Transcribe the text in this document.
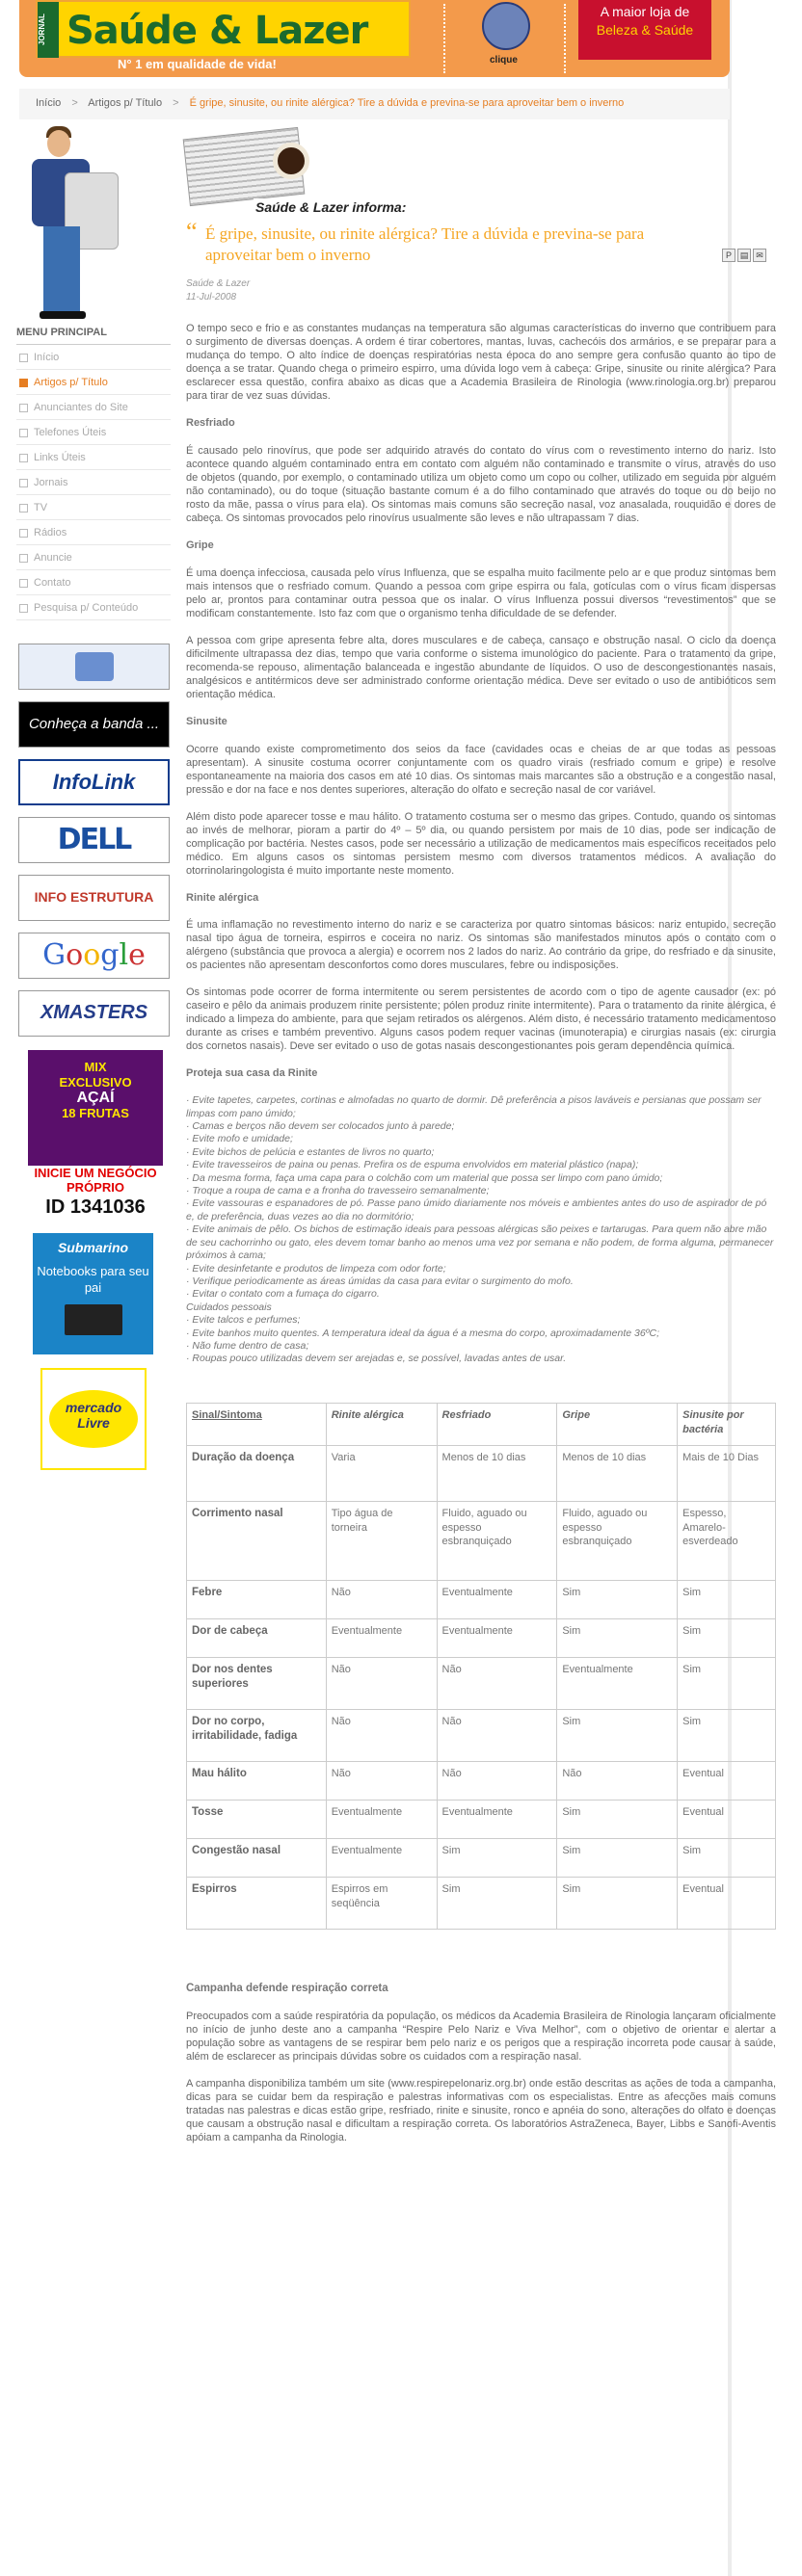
JORNAL Saúde & Lazer
N° 1 em qualidade de vida!	clique
A maior loja de
Beleza & Saúde
Início > Artigos p/ Título > É gripe, sinusite, ou rinite alérgica? Tire a dúvida e previna-se para aproveitar bem o inverno
MENU PRINCIPAL
Início
Artigos p/ Título
Anunciantes do Site
Telefones Úteis
Links Úteis
Jornais
TV
Rádios
Anuncie
Contato
Pesquisa p/ Conteúdo
Conheça a banda ...
InfoLink
DELL
INFO ESTRUTURA
G o o g l e
XMASTERS
MIX
EXCLUSIVO
AÇAÍ
18 FRUTAS
INICIE UM NEGÓCIO PRÓPRIO
ID 1341036
Submarino
Notebooks para seu pai
mercado
Livre
Saúde & Lazer informa:
P ▤ ✉
“ É gripe, sinusite, ou rinite alérgica? Tire a dúvida e previna-se para aproveitar bem o inverno
Saúde & Lazer
11-Jul-2008

O tempo seco e frio e as constantes mudanças na temperatura são algumas características do inverno que contribuem para o surgimento de diversas doenças. A ordem é tirar cobertores, mantas, luvas, cachecóis dos armários, e se preparar para a mudança do tempo. O alto índice de doenças respiratórias nesta época do ano sempre gera confusão quanto ao tipo de doença a se tratar. Quando chega o primeiro espirro, uma dúvida logo vem à cabeça: Gripe, sinusite ou rinite alérgica? Para esclarecer essa questão, confira abaixo as dicas que a Academia Brasileira de Rinologia (www.rinologia.org.br) preparou para tirar de vez suas dúvidas.

Resfriado

É causado pelo rinovírus, que pode ser adquirido através do contato do vírus com o revestimento interno do nariz. Isto acontece quando alguém contaminado entra em contato com alguém não contaminado e transmite o vírus, através do uso de objetos (quando, por exemplo, o contaminado utiliza um objeto como um copo ou colher, utilizado em seguida por alguém não contaminado), ou do toque (situação bastante comum é a do filho contaminado que através do toque ou do beijo no rosto da mãe, passa o vírus para ela). Os sintomas mais comuns são secreção nasal, voz anasalada, rouquidão e dores de cabeça. Os sintomas provocados pelo rinovírus usualmente são leves e não ultrapassam 7 dias.

Gripe

É uma doença infecciosa, causada pelo vírus Influenza, que se espalha muito facilmente pelo ar e que produz sintomas bem mais intensos que o resfriado comum. Quando a pessoa com gripe espirra ou fala, gotículas com o vírus ficam dispersas pelo ar, prontos para contaminar outra pessoa que os inalar. O vírus Influenza possui diversos “revestimentos” que se modificam constantemente. Isto faz com que o organismo tenha dificuldade de se defender.

A pessoa com gripe apresenta febre alta, dores musculares e de cabeça, cansaço e obstrução nasal. O ciclo da doença dificilmente ultrapassa dez dias, tempo que varia conforme o sistema imunológico do paciente. Para o tratamento da gripe, recomenda-se repouso, alimentação balanceada e ingestão abundante de líquidos. O uso de descongestionantes nasais, analgésicos e antitérmicos deve ser administrado conforme orientação médica. Deve ser evitado o uso de antibióticos sem orientação médica.

Sinusite

Ocorre quando existe comprometimento dos seios da face (cavidades ocas e cheias de ar que todas as pessoas apresentam). A sinusite costuma ocorrer conjuntamente com os quadro virais (resfriado comum e gripe) e resolve espontaneamente na maioria dos casos em até 10 dias. Os sintomas mais marcantes são a obstrução e a congestão nasal, pressão e dor na face e nos dentes superiores, alteração do olfato e secreção nasal de cor variável.

Além disto pode aparecer tosse e mau hálito. O tratamento costuma ser o mesmo das gripes. Contudo, quando os sintomas ao invés de melhorar, pioram a partir do 4º – 5º dia, ou quando persistem por mais de 10 dias, pode ser indicação de complicação por bactéria. Nestes casos, pode ser necessário a utilização de medicamentos mais específicos receitados pelo médico. Em alguns casos os sintomas persistem mesmo com diversos tratamentos médicos. A avaliação do otorrinolaringologista é muito importante neste momento.

Rinite alérgica

É uma inflamação no revestimento interno do nariz e se caracteriza por quatro sintomas básicos: nariz entupido, secreção nasal tipo água de torneira, espirros e coceira no nariz. Os sintomas são manifestados minutos após o contato com o alérgeno (substância que provoca a alergia) e ocorrem nos 2 lados do nariz. Ao contrário da gripe, do resfriado e da sinusite, os pacientes não apresentam desconfortos como dores musculares, febre ou indisposições.

Os sintomas pode ocorrer de forma intermitente ou serem persistentes de acordo com o tipo de agente causador (ex: pó caseiro e pêlo da animais produzem rinite persistente; pólen produz rinite intermitente). Para o tratamento da rinite alérgica, é indicado a limpeza do ambiente, para que sejam retirados os alérgenos. Além disto, é necessário tratamento medicamentoso durante as crises e também preventivo. Alguns casos podem requer vacinas (imunoterapia) e cirurgias nasais (ex: cirurgia dos cornetos nasais). Deve ser evitado o uso de gotas nasais descongestionantes pois geram dependência química.

Proteja sua casa da Rinite
· Evite tapetes, carpetes, cortinas e almofadas no quarto de dormir. Dê preferência a pisos laváveis e persianas que possam ser limpas com pano úmido;
· Camas e berços não devem ser colocados junto à parede;
· Evite mofo e umidade;
· Evite bichos de pelúcia e estantes de livros no quarto;
· Evite travesseiros de paina ou penas. Prefira os de espuma envolvidos em material plástico (napa);
· Da mesma forma, faça uma capa para o colchão com um material que possa ser limpo com pano úmido;
· Troque a roupa de cama e a fronha do travesseiro semanalmente;
· Evite vassouras e espanadores de pó. Passe pano úmido diariamente nos móveis e ambientes antes do uso de aspirador de pó e, de preferência, duas vezes ao dia no dormitório;
· Evite animais de pêlo. Os bichos de estimação ideais para pessoas alérgicas são peixes e tartarugas. Para quem não abre mão de seu cachorrinho ou gato, eles devem tomar banho ao menos uma vez por semana e não podem, de forma alguma, permanecer próximos à cama;
· Evite desinfetante e produtos de limpeza com odor forte;
· Verifique periodicamente as áreas úmidas da casa para evitar o surgimento do mofo.
· Evitar o contato com a fumaça do cigarro.
Cuidados pessoais
· Evite talcos e perfumes;
· Evite banhos muito quentes. A temperatura ideal da água é a mesma do corpo, aproximadamente 36ºC;
· Não fume dentro de casa;
· Roupas pouco utilizadas devem ser arejadas e, se possível, lavadas antes de usar.
Sinal/Sintoma	Rinite alérgica	Resfriado	Gripe	Sinusite por bactéria
Duração da doença	Varia	Menos de 10 dias	Menos de 10 dias	Mais de 10 Dias
Corrimento nasal	Tipo água de torneira	Fluido, aguado ou espesso esbranquiçado	Fluido, aguado ou espesso esbranquiçado	Espesso, Amarelo-esverdeado
Febre	Não	Eventualmente	Sim	Sim
Dor de cabeça	Eventualmente	Eventualmente	Sim	Sim
Dor nos dentes superiores	Não	Não	Eventualmente	Sim
Dor no corpo, irritabilidade, fadiga	Não	Não	Sim	Sim
Mau hálito	Não	Não	Não	Eventual
Tosse	Eventualmente	Eventualmente	Sim	Eventual
Congestão nasal	Eventualmente	Sim	Sim	Sim
Espirros	Espirros em seqüência	Sim	Sim	Eventual
Campanha defende respiração correta

Preocupados com a saúde respiratória da população, os médicos da Academia Brasileira de Rinologia lançaram oficialmente no início de junho deste ano a campanha “Respire Pelo Nariz e Viva Melhor”, com o objetivo de orientar e alertar a população sobre as vantagens de se respirar bem pelo nariz e os perigos que a respiração incorreta pode causar à saúde, além de esclarecer as principais dúvidas sobre os cuidados com a respiração nasal.

A campanha disponibiliza também um site (www.respirepelonariz.org.br) onde estão descritas as ações de toda a campanha, dicas para se cuidar bem da respiração e palestras informativas com os especialistas. Entre as afecções mais comuns tratadas nas palestras e dicas estão gripe, resfriado, rinite e sinusite, ronco e apnéia do sono, alterações do olfato e doenças que causam a obstrução nasal e dificultam a respiração correta. Os laboratórios AstraZeneca, Bayer, Libbs e Sanofi-Aventis apóiam a campanha da Rinologia.
